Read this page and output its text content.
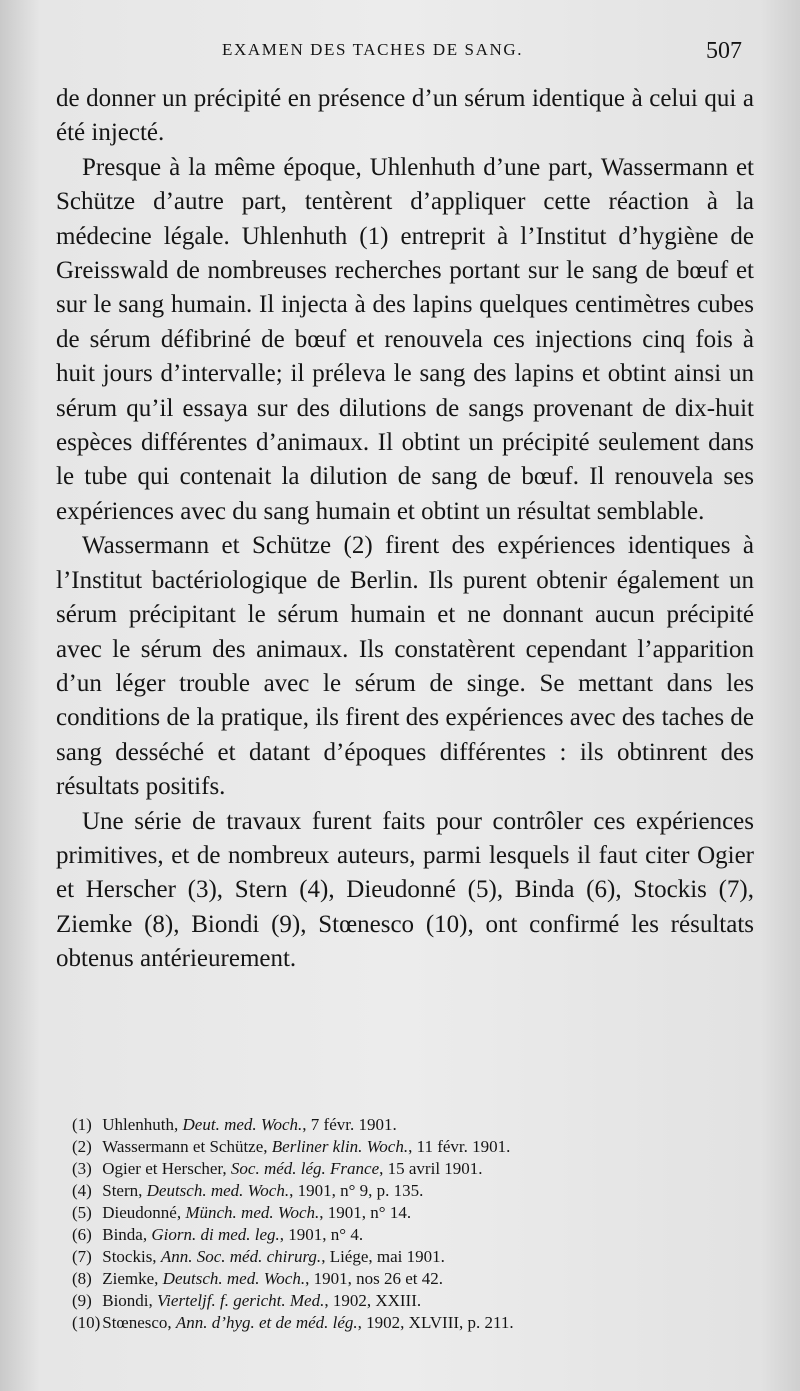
EXAMEN DES TACHES DE SANG.	507

de donner un précipité en présence d’un sérum identique à celui qui a été injecté.

Presque à la même époque, Uhlenhuth d’une part, Wassermann et Schütze d’autre part, tentèrent d’appliquer cette réaction à la médecine légale. Uhlenhuth (1) entreprit à l’Institut d’hygiène de Greisswald de nombreuses recherches portant sur le sang de bœuf et sur le sang humain. Il injecta à des lapins quelques centimètres cubes de sérum défibriné de bœuf et renouvela ces injections cinq fois à huit jours d’intervalle; il préleva le sang des lapins et obtint ainsi un sérum qu’il essaya sur des dilutions de sangs provenant de dix-huit espèces différentes d’animaux. Il obtint un précipité seulement dans le tube qui contenait la dilution de sang de bœuf. Il renouvela ses expériences avec du sang humain et obtint un résultat semblable.

Wassermann et Schütze (2) firent des expériences identiques à l’Institut bactériologique de Berlin. Ils purent obtenir également un sérum précipitant le sérum humain et ne donnant aucun précipité avec le sérum des animaux. Ils constatèrent cependant l’apparition d’un léger trouble avec le sérum de singe. Se mettant dans les conditions de la pratique, ils firent des expériences avec des taches de sang desséché et datant d’époques différentes : ils obtinrent des résultats positifs.

Une série de travaux furent faits pour contrôler ces expériences primitives, et de nombreux auteurs, parmi lesquels il faut citer Ogier et Herscher (3), Stern (4), Dieudonné (5), Binda (6), Stockis (7), Ziemke (8), Biondi (9), Stœnesco (10), ont confirmé les résultats obtenus antérieurement.

(1)
Uhlenhuth,
Deut. med. Woch. , 7 févr. 1901.
(2)
Wassermann et Schütze,
Berliner klin. Woch. , 11 févr. 1901.
(3)
Ogier et Herscher,
Soc. méd. lég. France , 15 avril 1901.
(4)
Stern,
Deutsch. med. Woch. , 1901, n° 9, p. 135.
(5)
Dieudonné,
Münch. med. Woch. , 1901, n° 14.
(6)
Binda,
Giorn. di med. leg. , 1901, n° 4.
(7)
Stockis,
Ann. Soc. méd. chirurg. , Liége, mai 1901.
(8)
Ziemke,
Deutsch. med. Woch. , 1901, nos 26 et 42.
(9)
Biondi,
Vierteljf. f. gericht. Med. , 1902, XXIII.
(10)
Stœnesco,
Ann. d’hyg. et de méd. lég. , 1902, XLVIII, p. 211.
